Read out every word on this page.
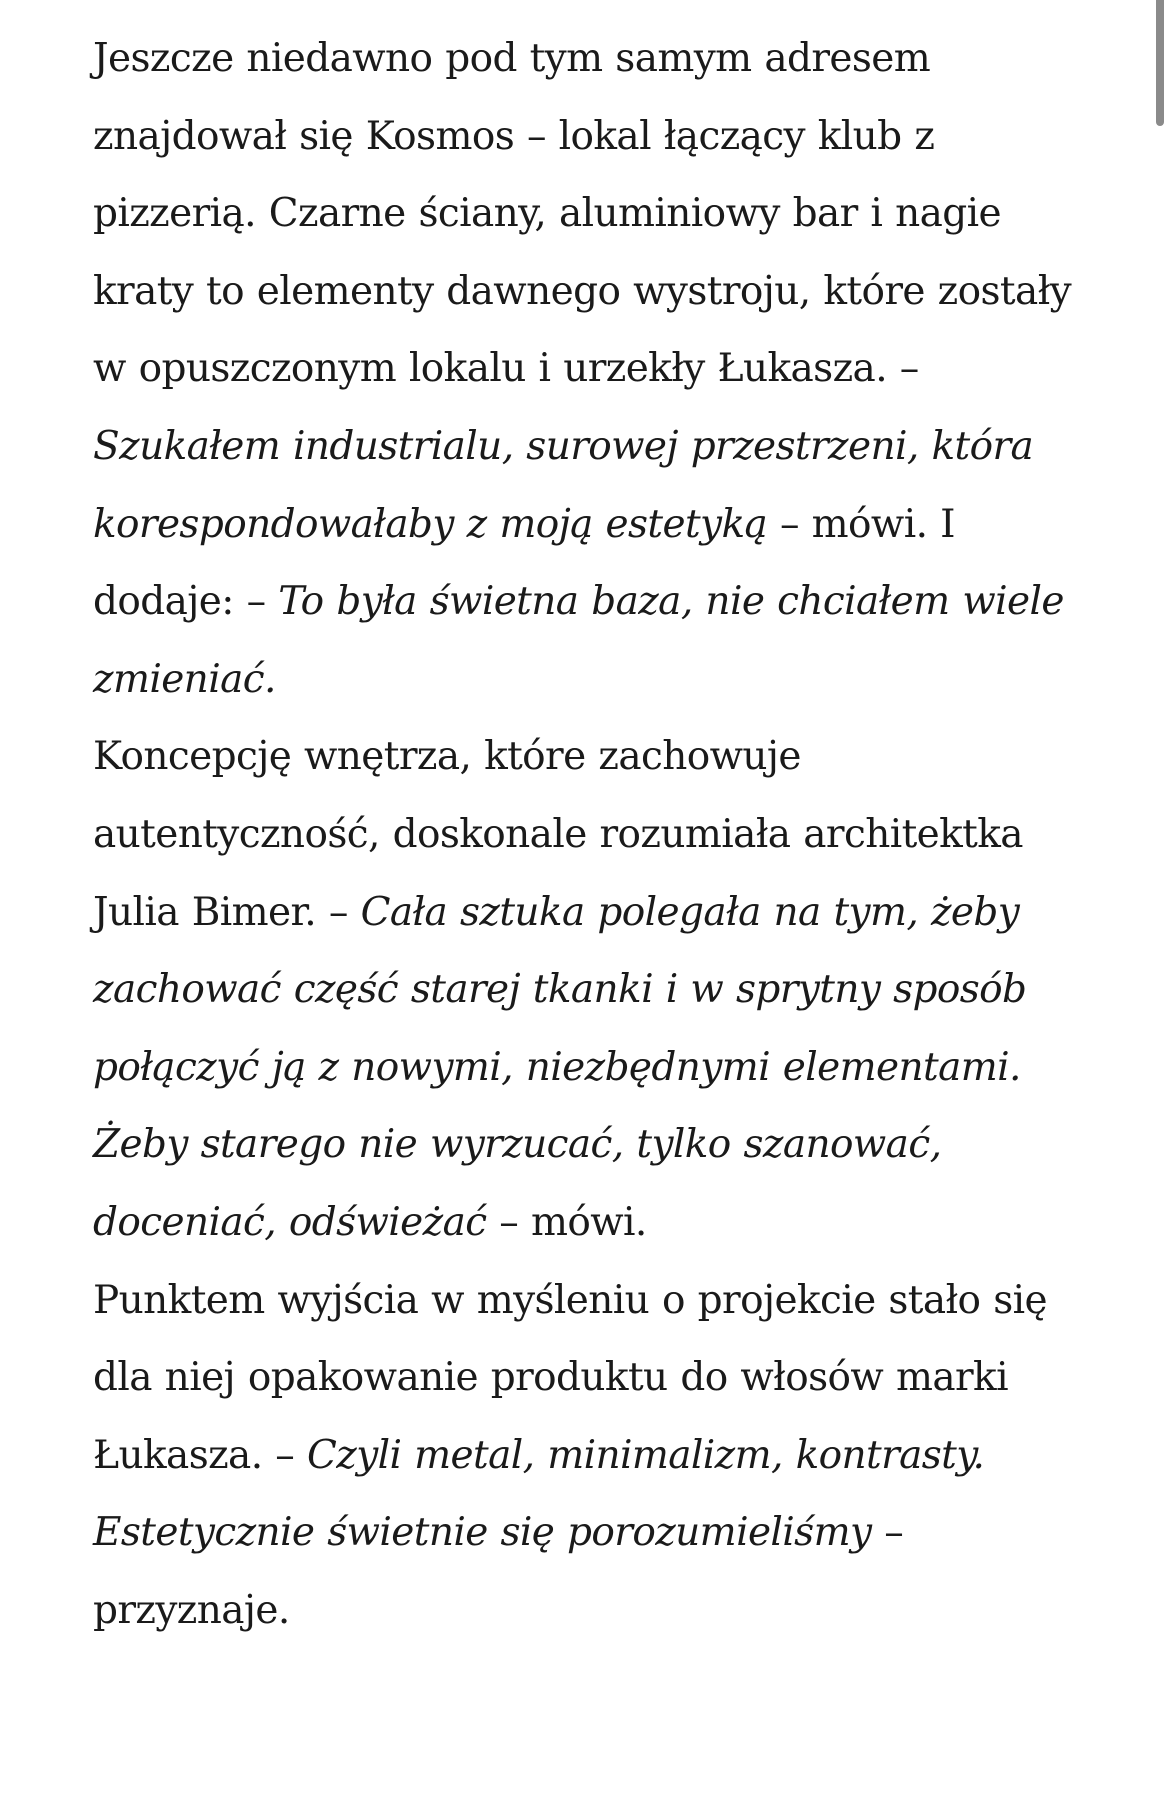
Jeszcze niedawno pod tym samym adresem znajdował się Kosmos – lokal łączący klub z pizzerią. Czarne ściany, aluminiowy bar i nagie kraty to elementy dawnego wystroju, które zostały w opuszczonym lokalu i urzekły Łukasza. – Szukałem industrialu, surowej przestrzeni, która korespondowałaby z moją estetyką – mówi. I dodaje: – To była świetna baza, nie chciałem wiele zmieniać.

Koncepcję wnętrza, które zachowuje autentyczność, doskonale rozumiała architektka Julia Bimer. – Cała sztuka polegała na tym, żeby zachować część starej tkanki i w sprytny sposób połączyć ją z nowymi, niezbędnymi elementami. Żeby starego nie wyrzucać, tylko szanować, doceniać, odświeżać – mówi.

Punktem wyjścia w myśleniu o projekcie stało się dla niej opakowanie produktu do włosów marki Łukasza. – Czyli metal, minimalizm, kontrasty. Estetycznie świetnie się porozumieliśmy – przyznaje.
